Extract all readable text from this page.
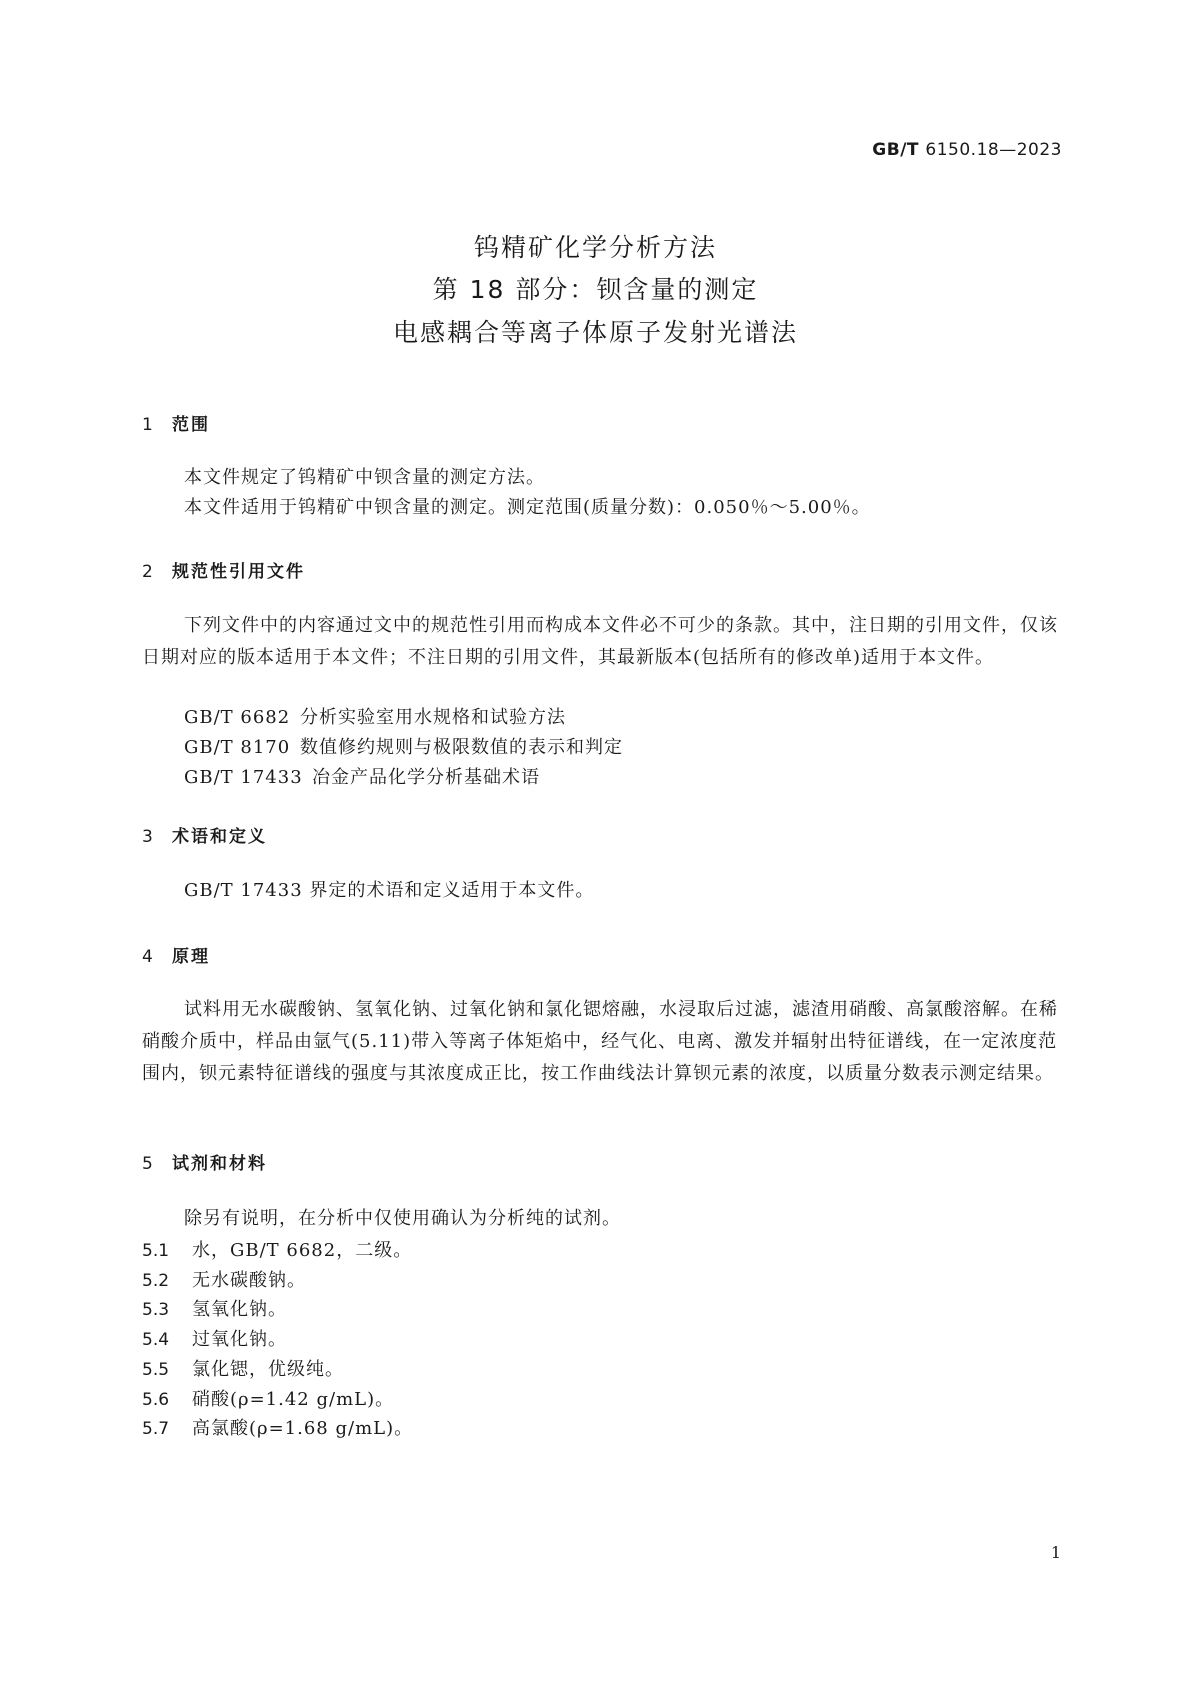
GB/T 6150.18—2023
钨精矿化学分析方法
第 18 部分：钡含量的测定
电感耦合等离子体原子发射光谱法
1 范围
本文件规定了钨精矿中钡含量的测定方法。
本文件适用于钨精矿中钡含量的测定。测定范围(质量分数)：0.050％～5.00％。
2 规范性引用文件
下列文件中的内容通过文中的规范性引用而构成本文件必不可少的条款。其中，注日期的引用文件，仅该日期对应的版本适用于本文件；不注日期的引用文件，其最新版本(包括所有的修改单)适用于本文件。
GB/T 6682 分析实验室用水规格和试验方法
GB/T 8170 数值修约规则与极限数值的表示和判定
GB/T 17433 冶金产品化学分析基础术语
3 术语和定义
GB/T 17433 界定的术语和定义适用于本文件。
4 原理
试料用无水碳酸钠、氢氧化钠、过氧化钠和氯化锶熔融，水浸取后过滤，滤渣用硝酸、高氯酸溶解。在稀硝酸介质中，样品由氩气(5.11)带入等离子体矩焰中，经气化、电离、激发并辐射出特征谱线，在一定浓度范围内，钡元素特征谱线的强度与其浓度成正比，按工作曲线法计算钡元素的浓度，以质量分数表示测定结果。
5 试剂和材料
除另有说明，在分析中仅使用确认为分析纯的试剂。
5.1 水，GB/T 6682，二级。
5.2 无水碳酸钠。
5.3 氢氧化钠。
5.4 过氧化钠。
5.5 氯化锶，优级纯。
5.6 硝酸(ρ=1.42 g/mL)。
5.7 高氯酸(ρ=1.68 g/mL)。
1
